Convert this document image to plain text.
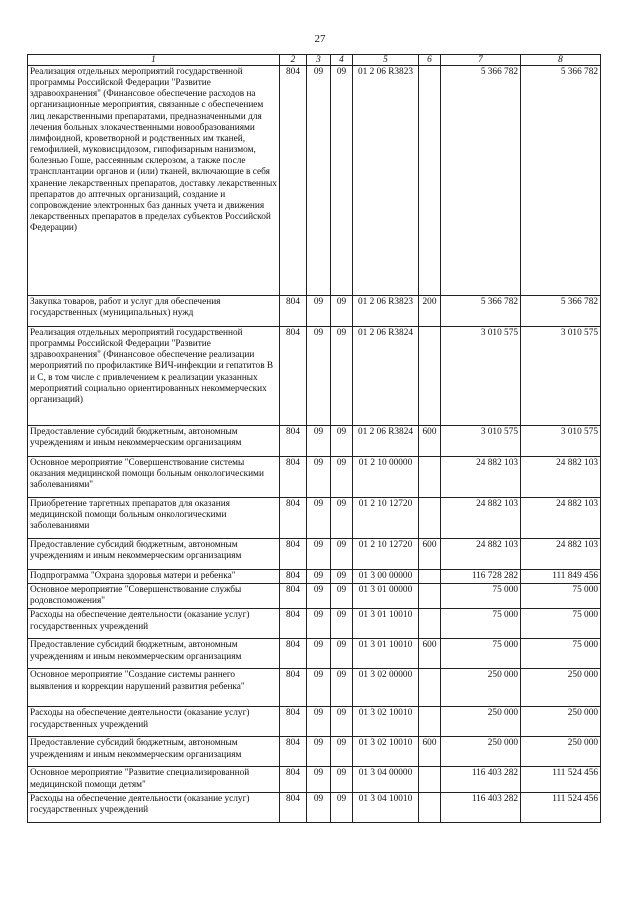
27
1	2	3	4	5	6	7	8
Реализация отдельных мероприятий государственной программы Российской Федерации "Развитие здравоохранения" (Финансовое обеспечение расходов на организационные мероприятия, связанные с обеспечением лиц лекарственными препаратами, предназначенными для лечения больных злокачественными новообразованиями лимфоидной, кроветворной и родственных им тканей, гемофилией, муковисцидозом, гипофизарным нанизмом, болезнью Гоше, рассеянным склерозом, а также после трансплантации органов и (или) тканей, включающие в себя хранение лекарственных препаратов, доставку лекарственных препаратов до аптечных организаций, создание и сопровождение электронных баз данных учета и движения лекарственных препаратов в пределах субъектов Российской Федерации)	804	09	09	01 2 06 R3823		5 366 782	5 366 782
Закупка товаров, работ и услуг для обеспечения государственных (муниципальных) нужд	804	09	09	01 2 06 R3823	200	5 366 782	5 366 782
Реализация отдельных мероприятий государственной программы Российской Федерации "Развитие здравоохранения" (Финансовое обеспечение реализации мероприятий по профилактике ВИЧ-инфекции и гепатитов В и С, в том числе с привлечением к реализации указанных мероприятий социально ориентированных некоммерческих организаций)	804	09	09	01 2 06 R3824		3 010 575	3 010 575
Предоставление субсидий бюджетным, автономным учреждениям и иным некоммерческим организациям	804	09	09	01 2 06 R3824	600	3 010 575	3 010 575
Основное мероприятие "Совершенствование системы оказания медицинской помощи больным онкологическими заболеваниями"	804	09	09	01 2 10 00000		24 882 103	24 882 103
Приобретение таргетных препаратов для оказания медицинской помощи больным онкологическими заболеваниями	804	09	09	01 2 10 12720		24 882 103	24 882 103
Предоставление субсидий бюджетным, автономным учреждениям и иным некоммерческим организациям	804	09	09	01 2 10 12720	600	24 882 103	24 882 103
Подпрограмма "Охрана здоровья матери и ребенка"	804	09	09	01 3 00 00000		116 728 282	111 849 456
Основное мероприятие "Совершенствование службы родовспоможения"	804	09	09	01 3 01 00000		75 000	75 000
Расходы на обеспечение деятельности (оказание услуг) государственных учреждений	804	09	09	01 3 01 10010		75 000	75 000
Предоставление субсидий бюджетным, автономным учреждениям и иным некоммерческим организациям	804	09	09	01 3 01 10010	600	75 000	75 000
Основное мероприятие "Создание системы раннего выявления и коррекции нарушений развития ребенка"	804	09	09	01 3 02 00000		250 000	250 000
Расходы на обеспечение деятельности (оказание услуг) государственных учреждений	804	09	09	01 3 02 10010		250 000	250 000
Предоставление субсидий бюджетным, автономным учреждениям и иным некоммерческим организациям	804	09	09	01 3 02 10010	600	250 000	250 000
Основное мероприятие "Развитие специализированной медицинской помощи детям"	804	09	09	01 3 04 00000		116 403 282	111 524 456
Расходы на обеспечение деятельности (оказание услуг) государственных учреждений	804	09	09	01 3 04 10010		116 403 282	111 524 456
